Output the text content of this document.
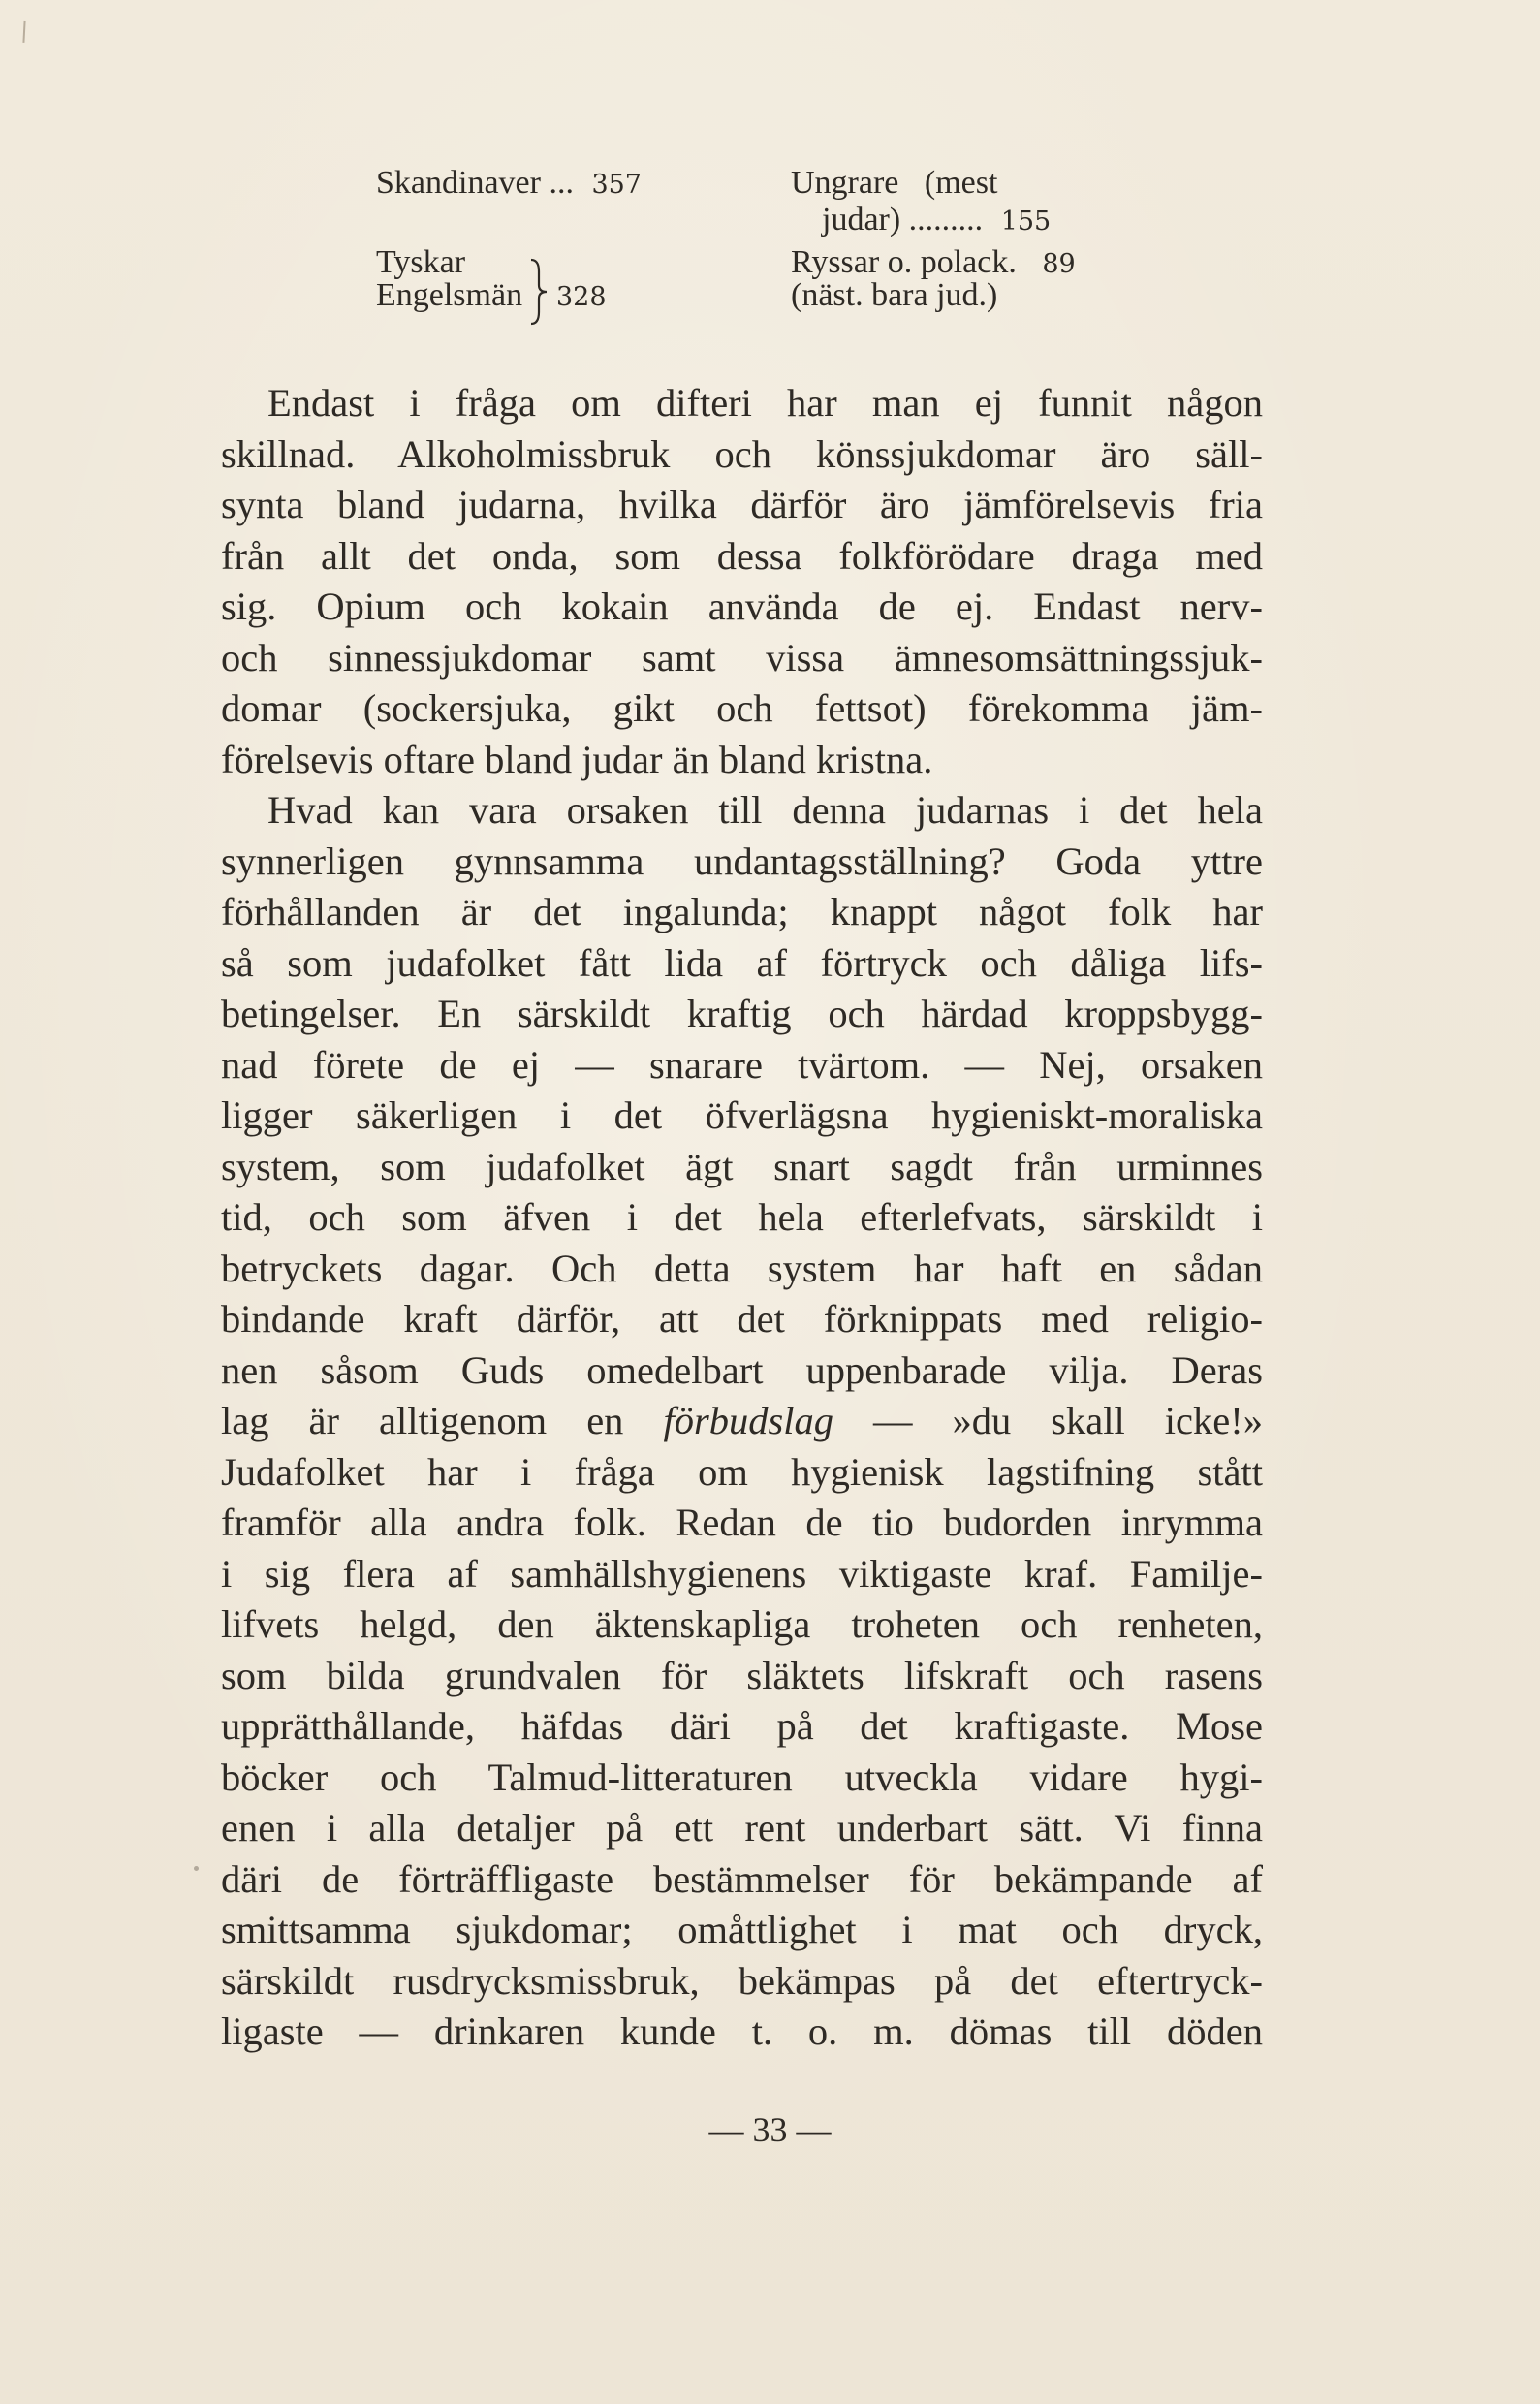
Skandinaver ... 357
Tyskar
Engelsmän 328
Ungrare (mest
judar) ......... 155
Ryssar o. polack. 89
(näst. bara jud.)
Endast i fråga om difteri har man ej funnit någon
skillnad. Alkoholmissbruk och könssjukdomar äro säll-
synta bland judarna, hvilka därför äro jämförelsevis fria
från allt det onda, som dessa folkförödare draga med
sig. Opium och kokain använda de ej. Endast nerv-
och sinnessjukdomar samt vissa ämnesomsättningssjuk-
domar (sockersjuka, gikt och fettsot) förekomma jäm-
förelsevis oftare bland judar än bland kristna.
Hvad kan vara orsaken till denna judarnas i det hela
synnerligen gynnsamma undantagsställning? Goda yttre
förhållanden är det ingalunda; knappt något folk har
så som judafolket fått lida af förtryck och dåliga lifs-
betingelser. En särskildt kraftig och härdad kroppsbygg-
nad förete de ej — snarare tvärtom. — Nej, orsaken
ligger säkerligen i det öfverlägsna hygieniskt-moraliska
system, som judafolket ägt snart sagdt från urminnes
tid, och som äfven i det hela efterlefvats, särskildt i
betryckets dagar. Och detta system har haft en sådan
bindande kraft därför, att det förknippats med religio-
nen såsom Guds omedelbart uppenbarade vilja. Deras
lag är alltigenom en förbudslag — »du skall icke!»
Judafolket har i fråga om hygienisk lagstifning stått
framför alla andra folk. Redan de tio budorden inrymma
i sig flera af samhällshygienens viktigaste kraf. Familje-
lifvets helgd, den äktenskapliga troheten och renheten,
som bilda grundvalen för släktets lifskraft och rasens
upprätthållande, häfdas däri på det kraftigaste. Mose
böcker och Talmud-litteraturen utveckla vidare hygi-
enen i alla detaljer på ett rent underbart sätt. Vi finna
däri de förträffligaste bestämmelser för bekämpande af
smittsamma sjukdomar; omåttlighet i mat och dryck,
särskildt rusdrycksmissbruk, bekämpas på det eftertryck-
ligaste — drinkaren kunde t. o. m. dömas till döden
— 33 —
